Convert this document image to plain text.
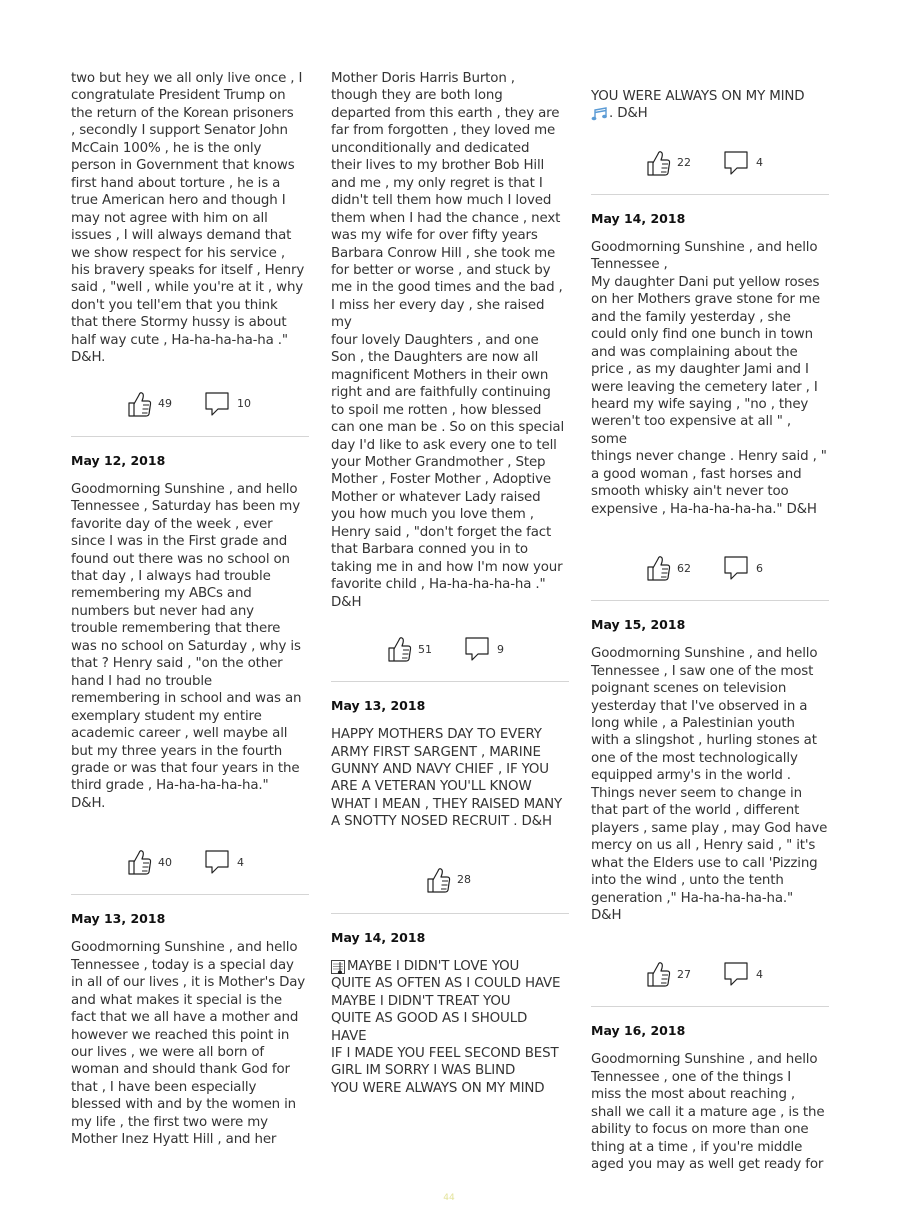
two but hey we all only live once , I
congratulate President Trump on
the return of the Korean prisoners
, secondly I support Senator John
McCain 100% , he is the only
person in Government that knows
first hand about torture , he is a
true American hero and though I
may not agree with him on all
issues , I will always demand that
we show respect for his service ,
his bravery speaks for itself , Henry
said , "well , while you're at it , why
don't you tell'em that you think
that there Stormy hussy is about
half way cute , Ha-ha-ha-ha-ha ."
D&H.

49	10

May 12, 2018

Goodmorning Sunshine , and hello
Tennessee , Saturday has been my
favorite day of the week , ever
since I was in the First grade and
found out there was no school on
that day , I always had trouble
remembering my ABCs and
numbers but never had any
trouble remembering that there
was no school on Saturday , why is
that ? Henry said , "on the other
hand I had no trouble
remembering in school and was an
exemplary student my entire
academic career , well maybe all
but my three years in the fourth
grade or was that four years in the
third grade , Ha-ha-ha-ha-ha."
D&H.

40	4

May 13, 2018

Goodmorning Sunshine , and hello
Tennessee , today is a special day
in all of our lives , it is Mother's Day
and what makes it special is the
fact that we all have a mother and
however we reached this point in
our lives , we were all born of
woman and should thank God for
that , I have been especially
blessed with and by the women in
my life , the first two were my
Mother Inez Hyatt Hill , and her

Mother Doris Harris Burton ,
though they are both long
departed from this earth , they are
far from forgotten , they loved me
unconditionally and dedicated
their lives to my brother Bob Hill
and me , my only regret is that I
didn't tell them how much I loved
them when I had the chance , next
was my wife for over fifty years
Barbara Conrow Hill , she took me
for better or worse , and stuck by
me in the good times and the bad ,
I miss her every day , she raised my
four lovely Daughters , and one
Son , the Daughters are now all
magnificent Mothers in their own
right and are faithfully continuing
to spoil me rotten , how blessed
can one man be . So on this special
day I'd like to ask every one to tell
your Mother Grandmother , Step
Mother , Foster Mother , Adoptive
Mother or whatever Lady raised
you how much you love them ,
Henry said , "don't forget the fact
that Barbara conned you in to
taking me in and how I'm now your
favorite child , Ha-ha-ha-ha-ha ."
D&H

51	9

May 13, 2018

HAPPY MOTHERS DAY TO EVERY
ARMY FIRST SARGENT , MARINE
GUNNY AND NAVY CHIEF , IF YOU
ARE A VETERAN YOU'LL KNOW
WHAT I MEAN , THEY RAISED MANY
A SNOTTY NOSED RECRUIT . D&H

28

May 14, 2018

MAYBE I DIDN'T LOVE YOU
QUITE AS OFTEN AS I COULD HAVE
MAYBE I DIDN'T TREAT YOU
QUITE AS GOOD AS I SHOULD
HAVE
IF I MADE YOU FEEL SECOND BEST
GIRL IM SORRY I WAS BLIND
YOU WERE ALWAYS ON MY MIND

YOU WERE ALWAYS ON MY MIND

. D&H
22	4

May 14, 2018

Goodmorning Sunshine , and hello
Tennessee ,
My daughter Dani put yellow roses
on her Mothers grave stone for me
and the family yesterday , she
could only find one bunch in town
and was complaining about the
price , as my daughter Jami and I
were leaving the cemetery later , I
heard my wife saying , "no , they
weren't too expensive at all " , some
things never change . Henry said , "
a good woman , fast horses and
smooth whisky ain't never too
expensive , Ha-ha-ha-ha-ha." D&H

62	6

May 15, 2018

Goodmorning Sunshine , and hello
Tennessee , I saw one of the most
poignant scenes on television
yesterday that I've observed in a
long while , a Palestinian youth
with a slingshot , hurling stones at
one of the most technologically
equipped army's in the world .
Things never seem to change in
that part of the world , different
players , same play , may God have
mercy on us all , Henry said , " it's
what the Elders use to call 'Pizzing
into the wind , unto the tenth
generation ," Ha-ha-ha-ha-ha."
D&H

27	4

May 16, 2018

Goodmorning Sunshine , and hello
Tennessee , one of the things I
miss the most about reaching ,
shall we call it a mature age , is the
ability to focus on more than one
thing at a time , if you're middle
aged you may as well get ready for

44
